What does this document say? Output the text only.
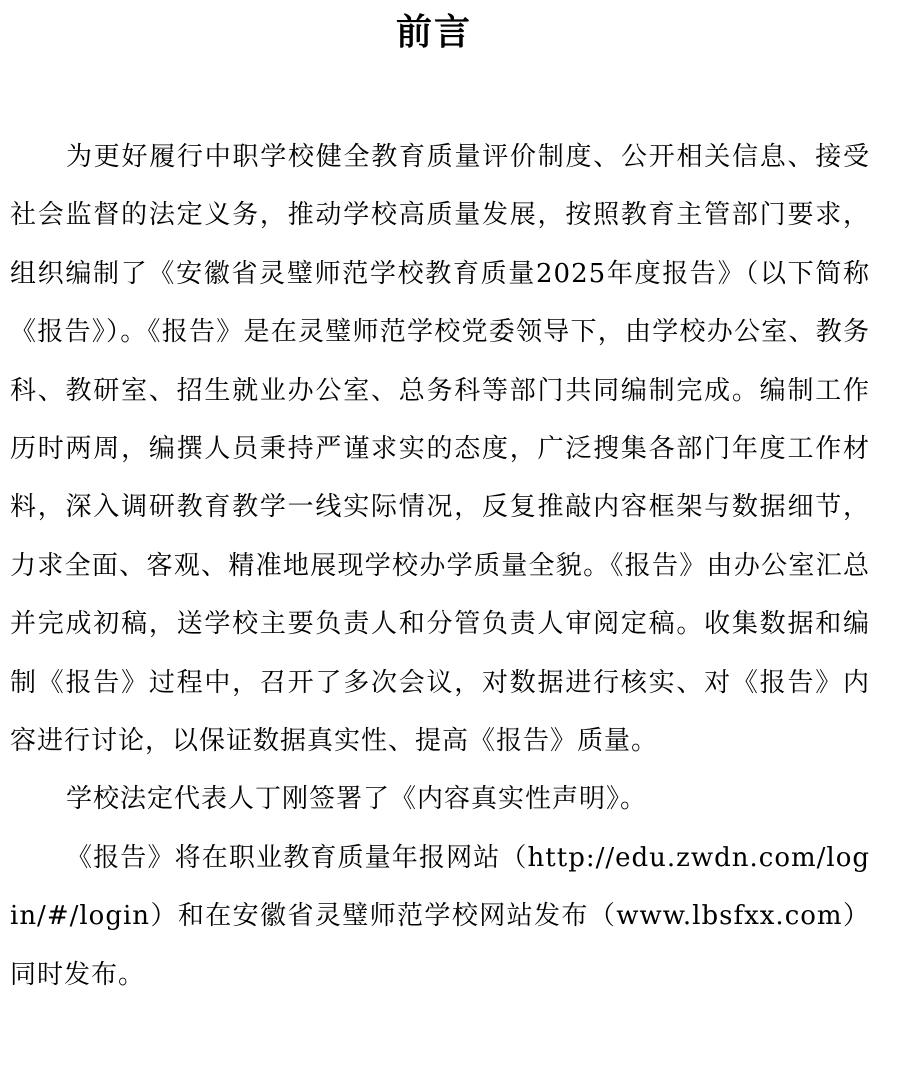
前言

为更好履行中职学校健全教育质量评价制度、公开相关信息、接受社会监督的法定义务，推动学校高质量发展，按照教育主管部门要求，组织编制了《安徽省灵璧师范学校教育质量2025年度报告》（以下简称《报告》）。《报告》是在灵璧师范学校党委领导下，由学校办公室、教务科、教研室、招生就业办公室、总务科等部门共同编制完成。编制工作历时两周，编撰人员秉持严谨求实的态度，广泛搜集各部门年度工作材料，深入调研教育教学一线实际情况，反复推敲内容框架与数据细节，力求全面、客观、精准地展现学校办学质量全貌。《报告》由办公室汇总并完成初稿，送学校主要负责人和分管负责人审阅定稿。收集数据和编制《报告》过程中，召开了多次会议，对数据进行核实、对《报告》内容进行讨论，以保证数据真实性、提高《报告》质量。

学校法定代表人丁刚签署了《内容真实性声明》。

《报告》将在职业教育质量年报网站（http://edu.zwdn.com/login/#/login）和在安徽省灵璧师范学校网站发布（www.lbsfxx.com）同时发布。
